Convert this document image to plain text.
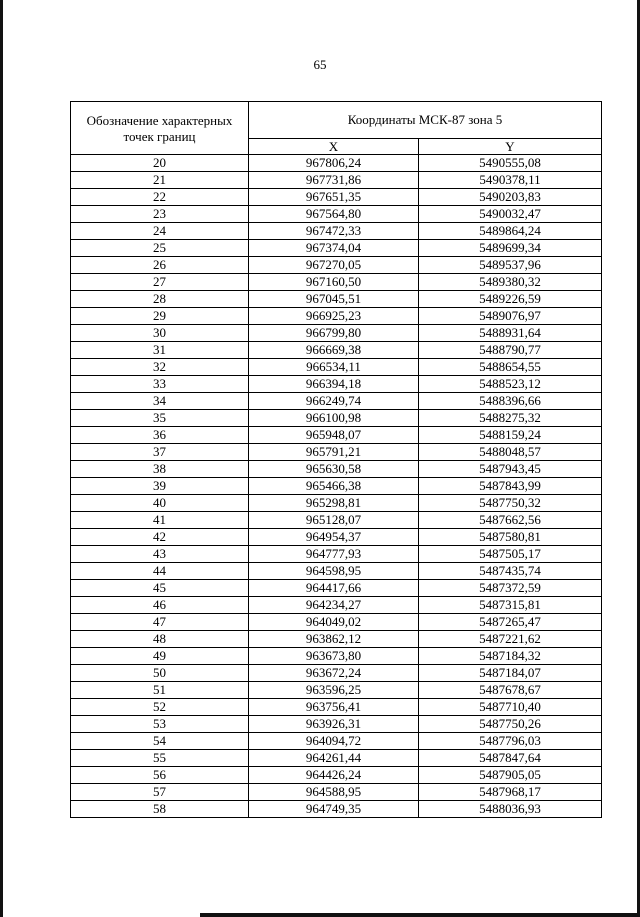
65
Обозначение характерных точек границ	Координаты МСК-87 зона 5	
	X	Y
20	967806,24	5490555,08
21	967731,86	5490378,11
22	967651,35	5490203,83
23	967564,80	5490032,47
24	967472,33	5489864,24
25	967374,04	5489699,34
26	967270,05	5489537,96
27	967160,50	5489380,32
28	967045,51	5489226,59
29	966925,23	5489076,97
30	966799,80	5488931,64
31	966669,38	5488790,77
32	966534,11	5488654,55
33	966394,18	5488523,12
34	966249,74	5488396,66
35	966100,98	5488275,32
36	965948,07	5488159,24
37	965791,21	5488048,57
38	965630,58	5487943,45
39	965466,38	5487843,99
40	965298,81	5487750,32
41	965128,07	5487662,56
42	964954,37	5487580,81
43	964777,93	5487505,17
44	964598,95	5487435,74
45	964417,66	5487372,59
46	964234,27	5487315,81
47	964049,02	5487265,47
48	963862,12	5487221,62
49	963673,80	5487184,32
50	963672,24	5487184,07
51	963596,25	5487678,67
52	963756,41	5487710,40
53	963926,31	5487750,26
54	964094,72	5487796,03
55	964261,44	5487847,64
56	964426,24	5487905,05
57	964588,95	5487968,17
58	964749,35	5488036,93
